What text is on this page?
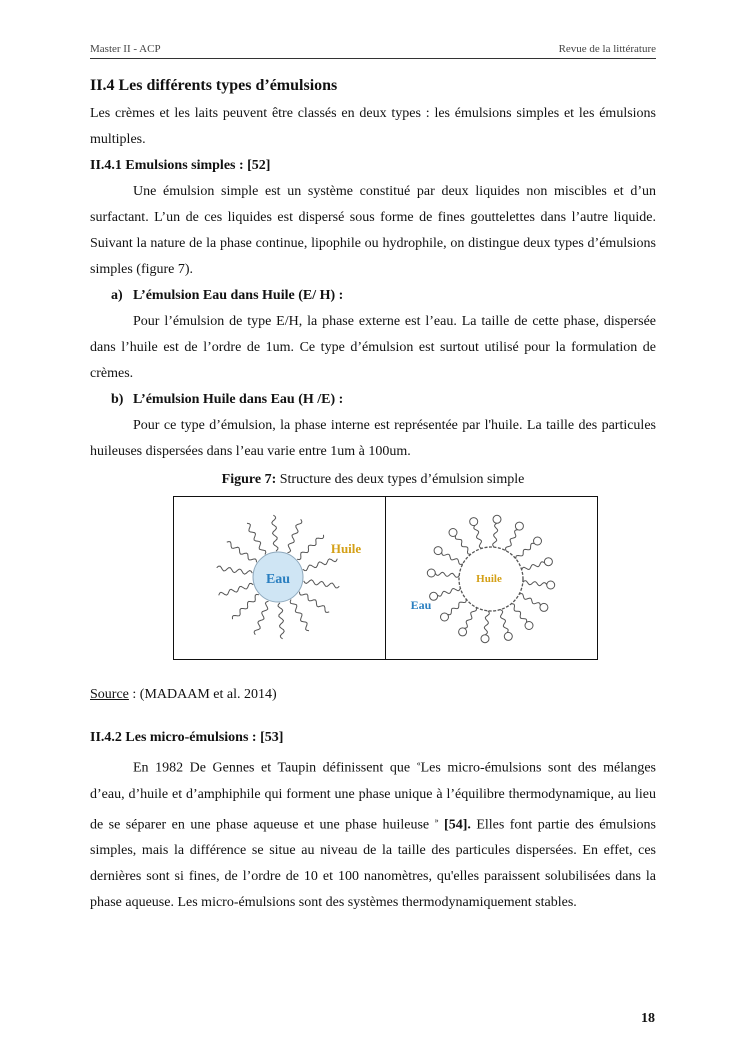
Master II - ACP	Revue de la littérature
II.4 Les différents types d’émulsions

Les crèmes et les laits peuvent être classés en deux types : les émulsions simples et les émulsions multiples.

II.4.1 Emulsions simples : [52]

Une émulsion simple est un système constitué par deux liquides non miscibles et d’un surfactant. L’un de ces liquides est dispersé sous forme de fines gouttelettes dans l’autre liquide. Suivant la nature de la phase continue, lipophile ou hydrophile, on distingue deux types d’émulsions simples (figure 7).

a) L’émulsion Eau dans Huile (E/ H) :

Pour l’émulsion de type E/H, la phase externe est l’eau. La taille de cette phase, dispersée dans l’huile est de l’ordre de 1um. Ce type d’émulsion est surtout utilisé pour la formulation de crèmes.

b) L’émulsion Huile dans Eau (H /E) :

Pour ce type d’émulsion, la phase interne est représentée par l'huile. La taille des particules huileuses dispersées dans l’eau varie entre 1um à 100um.

Figure 7: Structure des deux types d’émulsion simple
Eau
Huile
Huile
Eau
Source : (MADAAM et al. 2014)
II.4.2 Les micro-émulsions : [53]

En 1982 De Gennes et Taupin définissent que «Les micro-émulsions sont des mélanges d’eau, d’huile et d’amphiphile qui forment une phase unique à l’équilibre thermodynamique, au lieu de se séparer en une phase aqueuse et une phase huileuse » [54]. Elles font partie des émulsions simples, mais la différence se situe au niveau de la taille des particules dispersées. En effet, ces dernières sont si fines, de l’ordre de 10 et 100 nanomètres, qu'elles paraissent solubilisées dans la phase aqueuse. Les micro-émulsions sont des systèmes thermodynamiquement stables.

18
